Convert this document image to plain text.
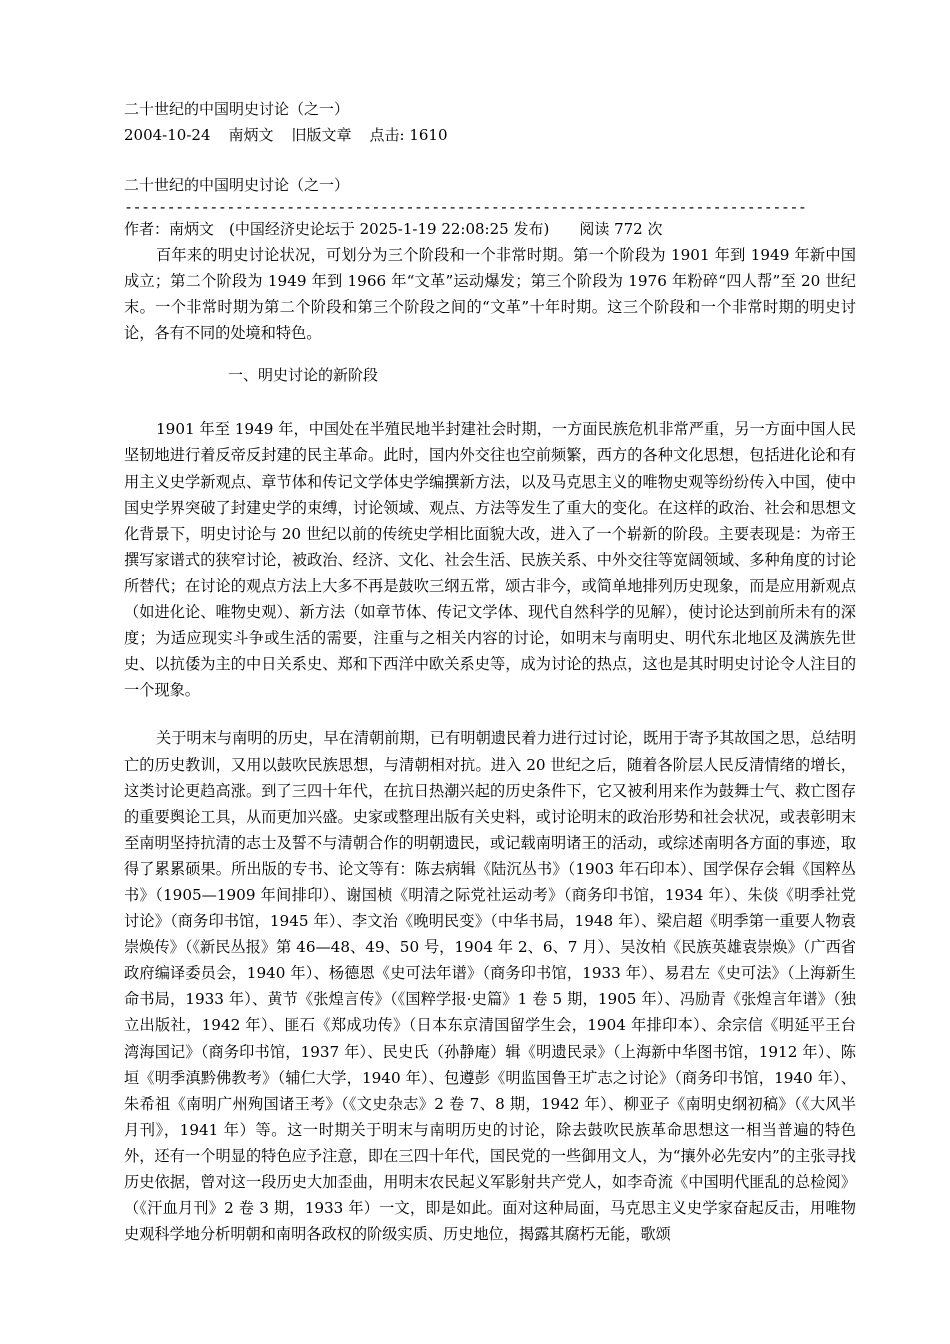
二十世纪的中国明史讨论（之一）
2004-10-24 南炳文 旧版文章 点击: 1610
二十世纪的中国明史讨论（之一）
--------------------------------------------------------------------------------
作者：南炳文　(中国经济史论坛于 2025-1-19 22:08:25 发布)　　阅读 772 次

百年来的明史讨论状况，可划分为三个阶段和一个非常时期。第一个阶段为 1901 年到 1949 年新中国成立；第二个阶段为 1949 年到 1966 年“文革”运动爆发；第三个阶段为 1976 年粉碎“四人帮”至 20 世纪末。一个非常时期为第二个阶段和第三个阶段之间的“文革”十年时期。这三个阶段和一个非常时期的明史讨论，各有不同的处境和特色。

一、明史讨论的新阶段

1901 年至 1949 年，中国处在半殖民地半封建社会时期，一方面民族危机非常严重，另一方面中国人民坚韧地进行着反帝反封建的民主革命。此时，国内外交往也空前频繁，西方的各种文化思想，包括进化论和有用主义史学新观点、章节体和传记文学体史学编撰新方法，以及马克思主义的唯物史观等纷纷传入中国，使中国史学界突破了封建史学的束缚，讨论领域、观点、方法等发生了重大的变化。在这样的政治、社会和思想文化背景下，明史讨论与 20 世纪以前的传统史学相比面貌大改，进入了一个崭新的阶段。主要表现是：为帝王撰写家谱式的狭窄讨论，被政治、经济、文化、社会生活、民族关系、中外交往等宽阔领域、多种角度的讨论所替代；在讨论的观点方法上大多不再是鼓吹三纲五常，颂古非今，或简单地排列历史现象，而是应用新观点（如进化论、唯物史观）、新方法（如章节体、传记文学体、现代自然科学的见解），使讨论达到前所未有的深度；为适应现实斗争或生活的需要，注重与之相关内容的讨论，如明末与南明史、明代东北地区及满族先世史、以抗倭为主的中日关系史、郑和下西洋中欧关系史等，成为讨论的热点，这也是其时明史讨论令人注目的一个现象。

关于明末与南明的历史，早在清朝前期，已有明朝遗民着力进行过讨论，既用于寄予其故国之思，总结明亡的历史教训，又用以鼓吹民族思想，与清朝相对抗。进入 20 世纪之后，随着各阶层人民反清情绪的增长，这类讨论更趋高涨。到了三四十年代，在抗日热潮兴起的历史条件下，它又被利用来作为鼓舞士气、救亡图存的重要舆论工具，从而更加兴盛。史家或整理出版有关史料，或讨论明末的政治形势和社会状况，或表彰明末至南明坚持抗清的志士及誓不与清朝合作的明朝遗民，或记载南明诸王的活动，或综述南明各方面的事迹，取得了累累硕果。所出版的专书、论文等有：陈去病辑《陆沉丛书》（1903 年石印本）、国学保存会辑《国粹丛书》（1905—1909 年间排印）、谢国桢《明清之际党社运动考》（商务印书馆，1934 年）、朱倓《明季社党讨论》（商务印书馆，1945 年）、李文治《晚明民变》（中华书局，1948 年）、梁启超《明季第一重要人物袁崇焕传》（《新民丛报》第 46—48、49、50 号，1904 年 2、6、7 月）、吴汝柏《民族英雄袁崇焕》（广西省政府编译委员会，1940 年）、杨德恩《史可法年谱》（商务印书馆，1933 年）、易君左《史可法》（上海新生命书局，1933 年）、黄节《张煌言传》（《国粹学报·史篇》1 卷 5 期，1905 年）、冯励青《张煌言年谱》（独立出版社，1942 年）、匪石《郑成功传》（日本东京清国留学生会，1904 年排印本）、余宗信《明延平王台湾海国记》（商务印书馆，1937 年）、民史氏（孙静庵）辑《明遗民录》（上海新中华图书馆，1912 年）、陈垣《明季滇黔佛教考》（辅仁大学，1940 年）、包遵彭《明监国鲁王圹志之讨论》（商务印书馆，1940 年）、朱希祖《南明广州殉国诸王考》（《文史杂志》2 卷 7、8 期，1942 年）、柳亚子《南明史纲初稿》（《大风半月刊》，1941 年）等。这一时期关于明末与南明历史的讨论，除去鼓吹民族革命思想这一相当普遍的特色外，还有一个明显的特色应予注意，即在三四十年代，国民党的一些御用文人，为“攘外必先安内”的主张寻找历史依据，曾对这一段历史大加歪曲，用明末农民起义军影射共产党人，如李奇流《中国明代匪乱的总检阅》（《汗血月刊》2 卷 3 期，1933 年）一文，即是如此。面对这种局面，马克思主义史学家奋起反击，用唯物史观科学地分析明朝和南明各政权的阶级实质、历史地位，揭露其腐朽无能，歌颂
